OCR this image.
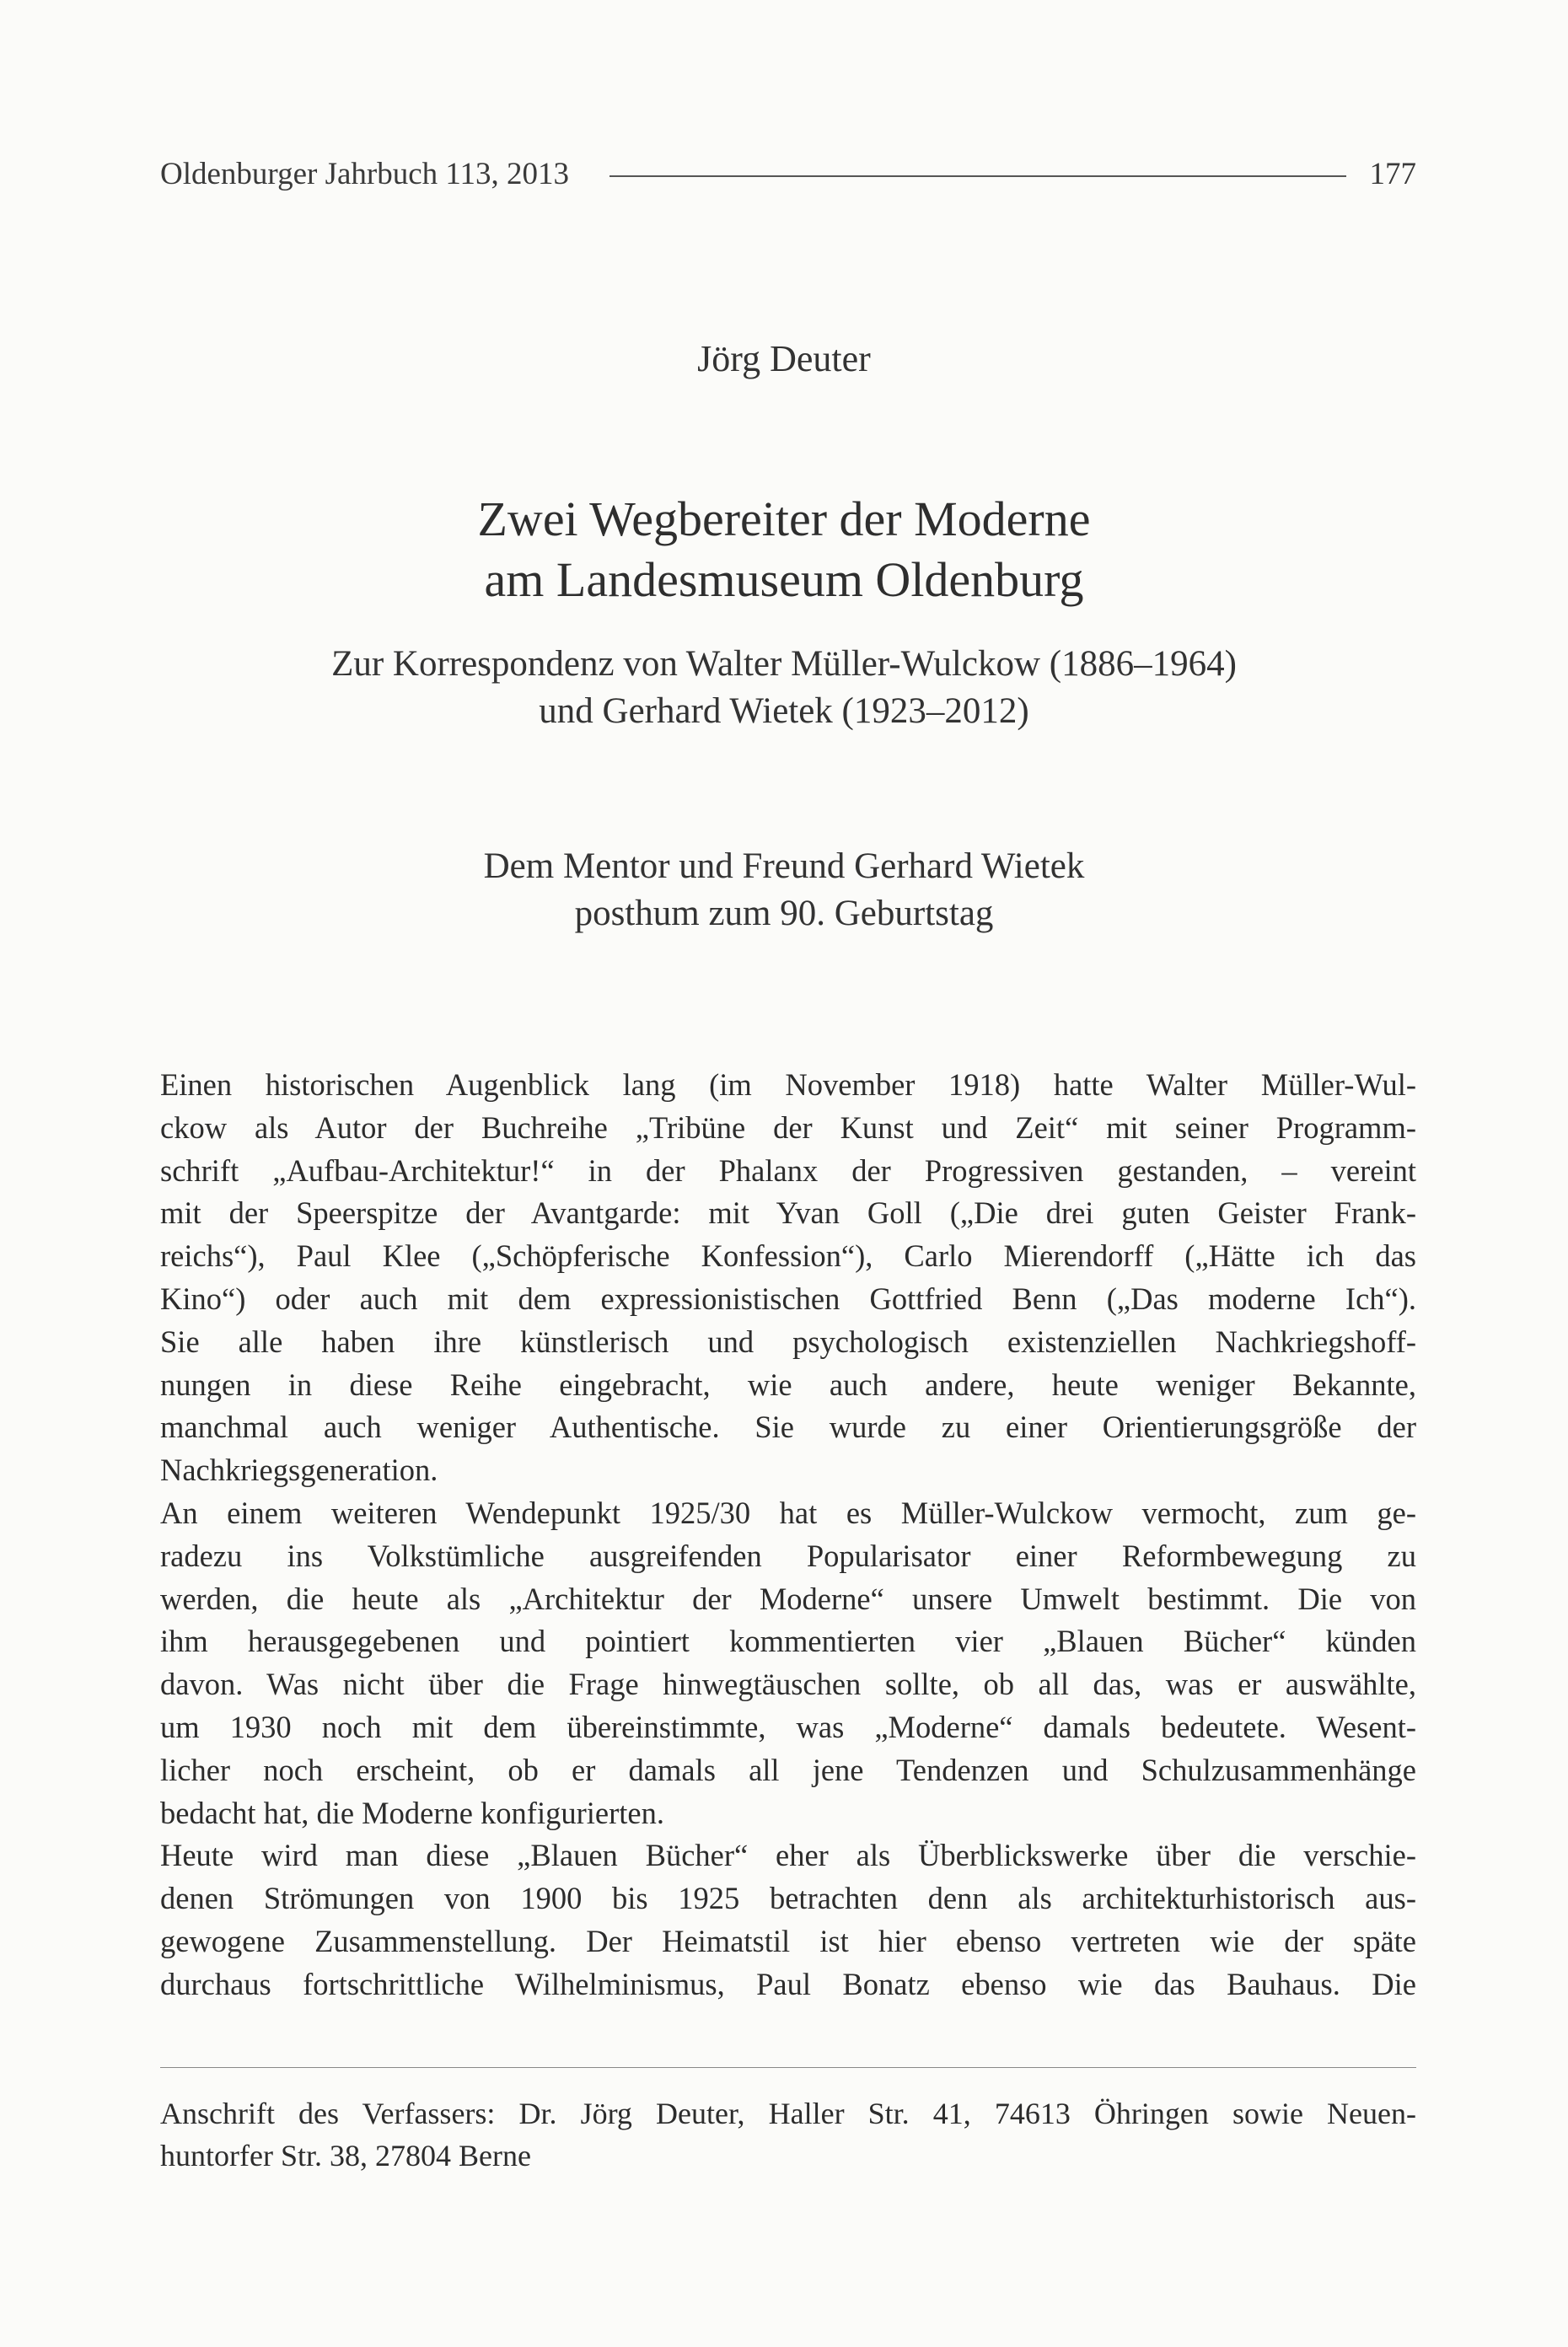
Oldenburger Jahrbuch 113, 2013	177
Jörg Deuter
Zwei Wegbereiter der Moderne
am Landesmuseum Oldenburg
Zur Korrespondenz von Walter Müller-Wulckow (1886–1964)
und Gerhard Wietek (1923–2012)
Dem Mentor und Freund Gerhard Wietek
posthum zum 90. Geburtstag
Einen historischen Augenblick lang (im November 1918) hatte Walter Müller-Wul-
ckow als Autor der Buchreihe „Tribüne der Kunst und Zeit“ mit seiner Programm-
schrift „Aufbau-Architektur!“ in der Phalanx der Progressiven gestanden, – vereint
mit der Speerspitze der Avantgarde: mit Yvan Goll („Die drei guten Geister Frank-
reichs“), Paul Klee („Schöpferische Konfession“), Carlo Mierendorff („Hätte ich das
Kino“) oder auch mit dem expressionistischen Gottfried Benn („Das moderne Ich“).
Sie alle haben ihre künstlerisch und psychologisch existenziellen Nachkriegshoff-
nungen in diese Reihe eingebracht, wie auch andere, heute weniger Bekannte,
manchmal auch weniger Authentische. Sie wurde zu einer Orientierungsgröße der
Nachkriegsgeneration.
An einem weiteren Wendepunkt 1925/30 hat es Müller-Wulckow vermocht, zum ge-
radezu ins Volkstümliche ausgreifenden Popularisator einer Reformbewegung zu
werden, die heute als „Architektur der Moderne“ unsere Umwelt bestimmt. Die von
ihm herausgegebenen und pointiert kommentierten vier „Blauen Bücher“ künden
davon. Was nicht über die Frage hinwegtäuschen sollte, ob all das, was er auswählte,
um 1930 noch mit dem übereinstimmte, was „Moderne“ damals bedeutete. Wesent-
licher noch erscheint, ob er damals all jene Tendenzen und Schulzusammenhänge
bedacht hat, die Moderne konfigurierten.
Heute wird man diese „Blauen Bücher“ eher als Überblickswerke über die verschie-
denen Strömungen von 1900 bis 1925 betrachten denn als architekturhistorisch aus-
gewogene Zusammenstellung. Der Heimatstil ist hier ebenso vertreten wie der späte
durchaus fortschrittliche Wilhelminismus, Paul Bonatz ebenso wie das Bauhaus. Die
Anschrift des Verfassers: Dr. Jörg Deuter, Haller Str. 41, 74613 Öhringen sowie Neuen-
huntorfer Str. 38, 27804 Berne
